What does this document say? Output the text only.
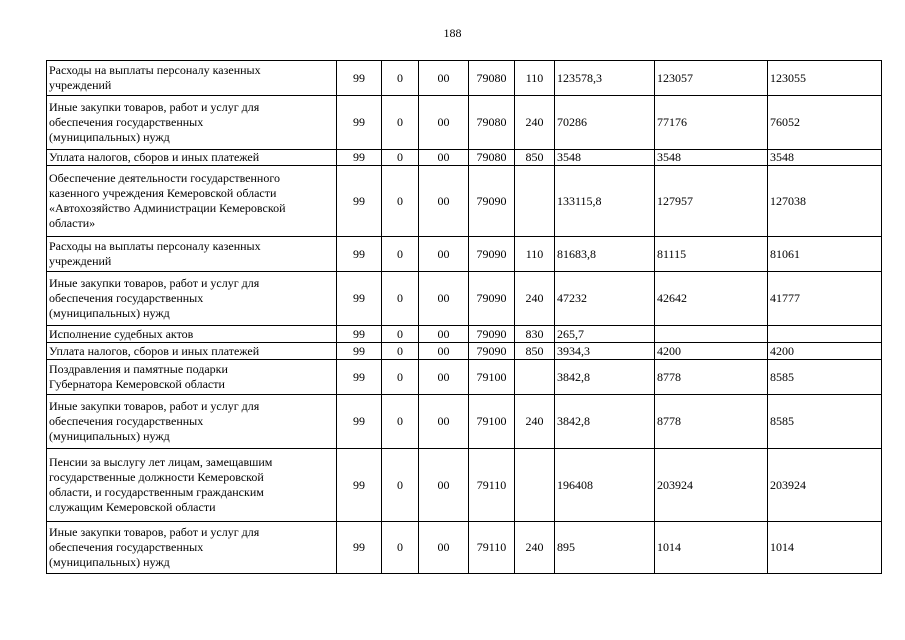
188
Расходы на выплаты персоналу казенных
учреждений	99	0	00	79080	110	123578,3	123057	123055

Иные закупки товаров, работ и услуг для
обеспечения государственных
(муниципальных) нужд	99	0	00	79080	240	70286	77176	76052

Уплата налогов, сборов и иных платежей	99	0	00	79080	850	3548	3548	3548

Обеспечение деятельности государственного
казенного учреждения Кемеровской области
«Автохозяйство Администрации Кемеровской
области»	99	0	00	79090		133115,8	127957	127038

Расходы на выплаты персоналу казенных
учреждений	99	0	00	79090	110	81683,8	81115	81061

Иные закупки товаров, работ и услуг для
обеспечения государственных
(муниципальных) нужд	99	0	00	79090	240	47232	42642	41777

Исполнение судебных актов	99	0	00	79090	830	265,7		

Уплата налогов, сборов и иных платежей	99	0	00	79090	850	3934,3	4200	4200

Поздравления и памятные подарки
Губернатора Кемеровской области	99	0	00	79100		3842,8	8778	8585

Иные закупки товаров, работ и услуг для
обеспечения государственных
(муниципальных) нужд	99	0	00	79100	240	3842,8	8778	8585

Пенсии за выслугу лет лицам, замещавшим
государственные должности Кемеровской
области, и государственным гражданским
служащим Кемеровской области	99	0	00	79110		196408	203924	203924

Иные закупки товаров, работ и услуг для
обеспечения государственных
(муниципальных) нужд	99	0	00	79110	240	895	1014	1014
